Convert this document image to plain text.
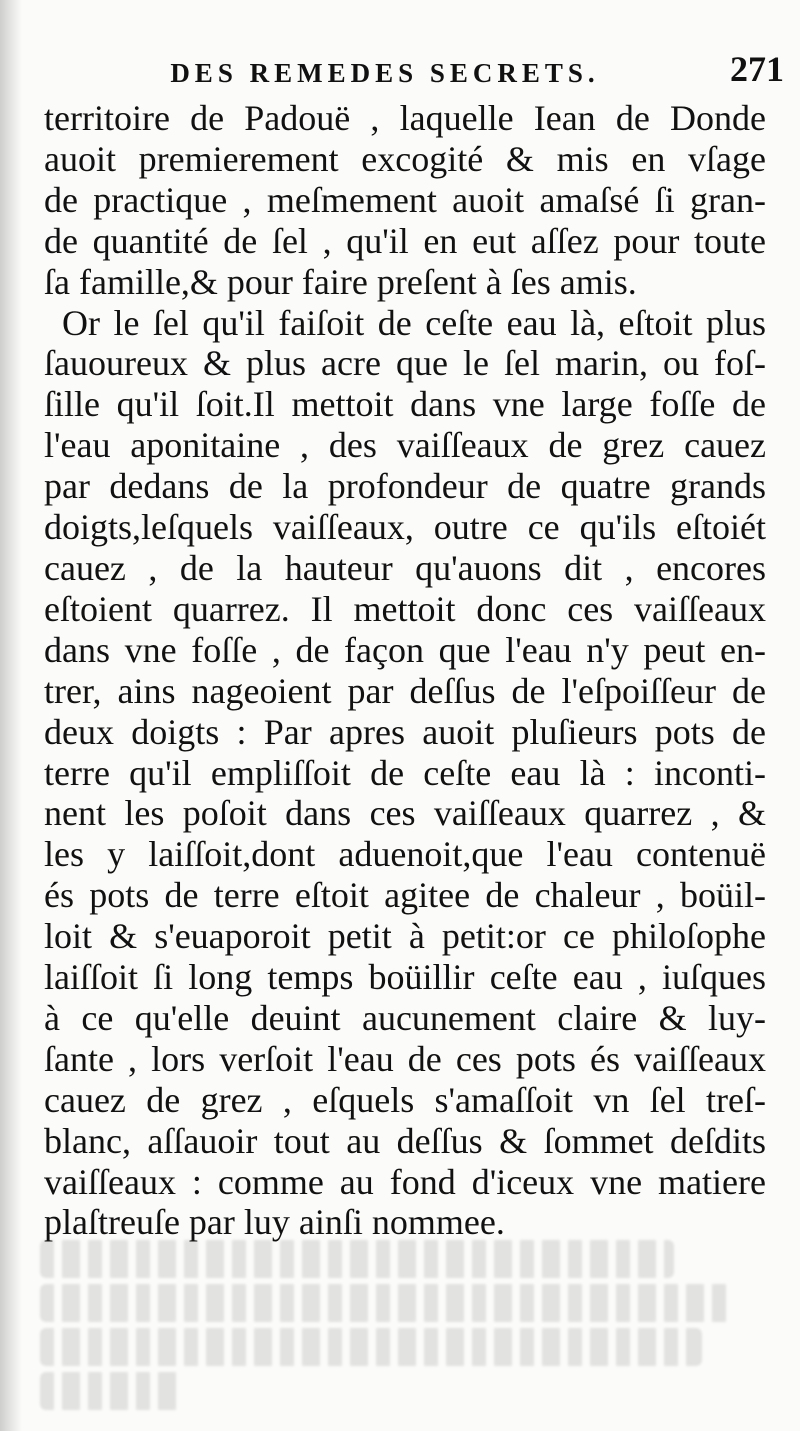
DES REMEDES SECRETS.	271
territoire de Padouë , laquelle Iean de Donde
auoit premierement excogité & mis en vſage
de practique , meſmement auoit amaſsé ſi gran-
de quantité de ſel , qu'il en eut aſſez pour toute
ſa famille,& pour faire preſent à ſes amis.
Or le ſel qu'il faiſoit de ceſte eau là, eſtoit plus
ſauoureux & plus acre que le ſel marin, ou foſ-
ſille qu'il ſoit.Il mettoit dans vne large foſſe de
l'eau aponitaine , des vaiſſeaux de grez cauez
par dedans de la profondeur de quatre grands
doigts,leſquels vaiſſeaux, outre ce qu'ils eſtoiét
cauez , de la hauteur qu'auons dit , encores
eſtoient quarrez. Il mettoit donc ces vaiſſeaux
dans vne foſſe , de façon que l'eau n'y peut en-
trer, ains nageoient par deſſus de l'eſpoiſſeur de
deux doigts : Par apres auoit pluſieurs pots de
terre qu'il empliſſoit de ceſte eau là : inconti-
nent les poſoit dans ces vaiſſeaux quarrez , &
les y laiſſoit,dont aduenoit,que l'eau contenuë
és pots de terre eſtoit agitee de chaleur , boüil-
loit & s'euaporoit petit à petit:or ce philoſophe
laiſſoit ſi long temps boüillir ceſte eau , iuſques
à ce qu'elle deuint aucunement claire & luy-
ſante , lors verſoit l'eau de ces pots és vaiſſeaux
cauez de grez , eſquels s'amaſſoit vn ſel treſ-
blanc, aſſauoir tout au deſſus & ſommet deſdits
vaiſſeaux : comme au fond d'iceux vne matiere
plaſtreuſe par luy ainſi nommee.
